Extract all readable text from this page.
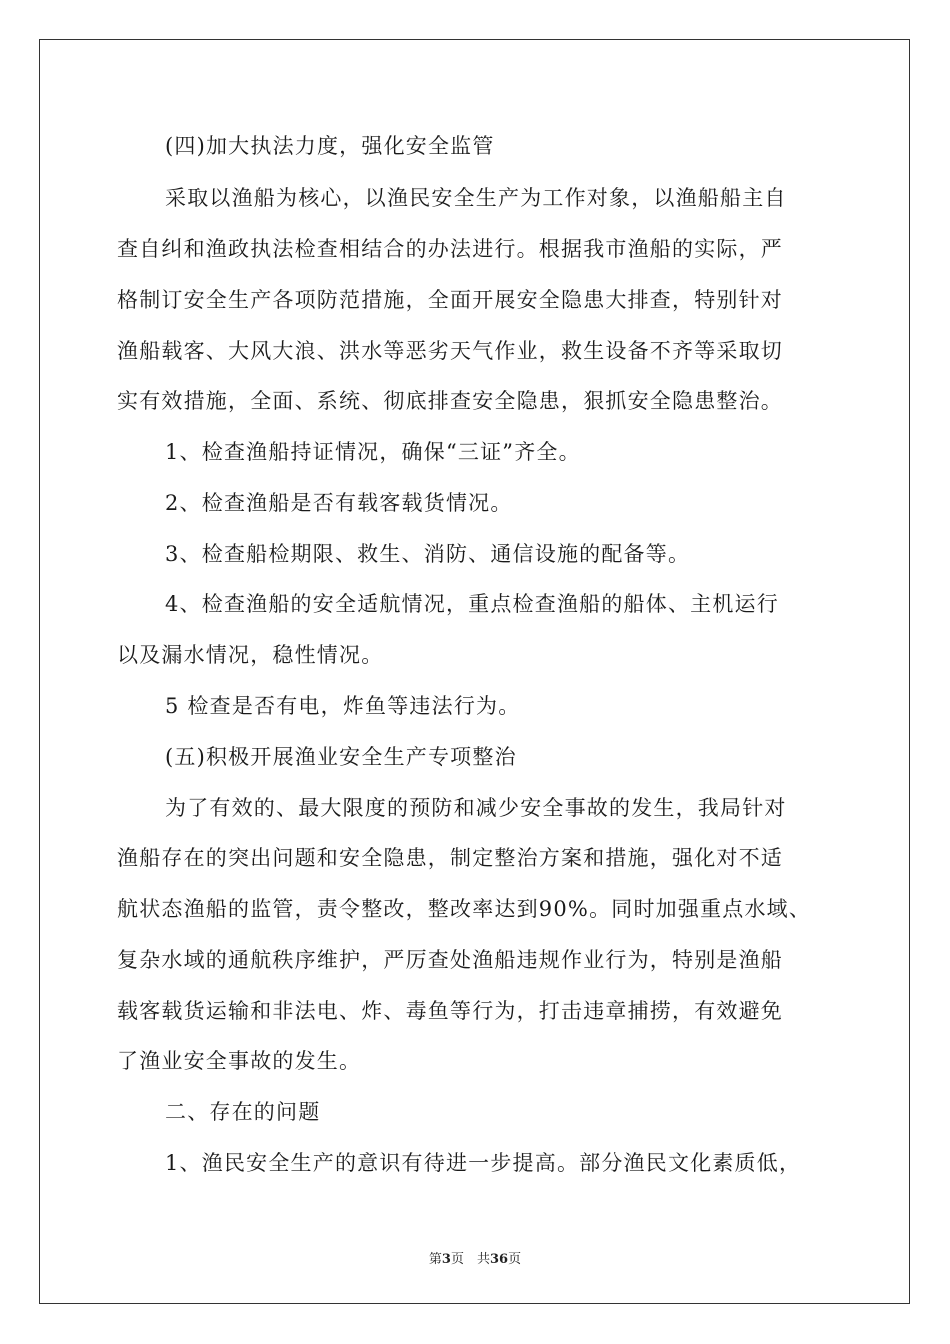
(四)加大执法力度，强化安全监管
采取以渔船为核心，以渔民安全生产为工作对象，以渔船船主自
查自纠和渔政执法检查相结合的办法进行。根据我市渔船的实际，严
格制订安全生产各项防范措施，全面开展安全隐患大排查，特别针对
渔船载客、大风大浪、洪水等恶劣天气作业，救生设备不齐等采取切
实有效措施，全面、系统、彻底排查安全隐患，狠抓安全隐患整治。
1、检查渔船持证情况，确保“三证”齐全。
2、检查渔船是否有载客载货情况。
3、检查船检期限、救生、消防、通信设施的配备等。
4、检查渔船的安全适航情况，重点检查渔船的船体、主机运行
以及漏水情况，稳性情况。
5 检查是否有电，炸鱼等违法行为。
(五)积极开展渔业安全生产专项整治
为了有效的、最大限度的预防和减少安全事故的发生，我局针对
渔船存在的突出问题和安全隐患，制定整治方案和措施，强化对不适
航状态渔船的监管，责令整改，整改率达到90%。同时加强重点水域、
复杂水域的通航秩序维护，严厉查处渔船违规作业行为，特别是渔船
载客载货运输和非法电、炸、毒鱼等行为，打击违章捕捞，有效避免
了渔业安全事故的发生。
二、存在的问题
1、渔民安全生产的意识有待进一步提高。部分渔民文化素质低，
第3页　共36页
